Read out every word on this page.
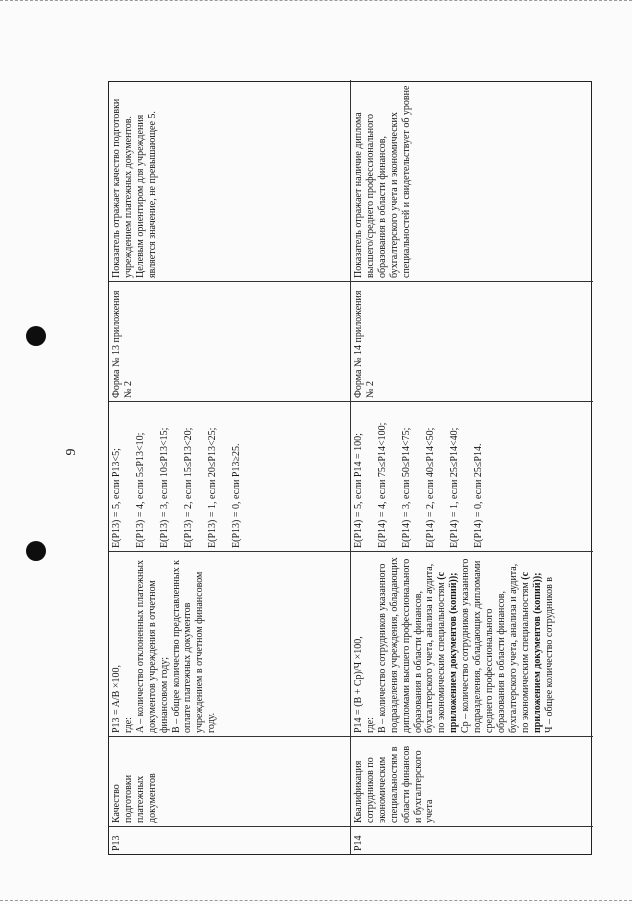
9

P13

Качество подготовки платежных документов

P13 = A/B ×100, где: A – количество отклоненных платежных документов учреждения в отчетном финансовом году; B – общее количество представленных к оплате платежных документов учреждением в отчетном финансовом году.

E(P13) = 5, если P13<5; E(P13) = 4, если 5≤P13<10; E(P13) = 3, если 10≤P13<15; E(P13) = 2, если 15≤P13<20; E(P13) = 1, если 20≤P13<25; E(P13) = 0, если P13≥25.

Форма № 13 приложения № 2

Показатель отражает качество подготовки учреждением платежных документов. Целевым ориентиром для учреждения является значение, не превышающее 5.

P14

Квалификация сотрудников по экономическим специальностям в области финансов и бухгалтерского учета

P14 = (B + Cp)/Ч ×100, где: B – количество сотрудников указанного подразделения учреждения, обладающих дипломами высшего профессионального образования в области финансов, бухгалтерского учета, анализа и аудита, по экономическим специальностям (с приложением документов (копий)); Cp – количество сотрудников указанного подразделения, обладающих дипломами среднего профессионального образования в области финансов, бухгалтерского учета, анализа и аудита, по экономическим специальностям (с приложением документов (копий)); Ч – общее количество сотрудников в

E(P14) = 5, если P14 = 100; E(P14) = 4, если 75≤P14<100; E(P14) = 3, если 50≤P14<75; E(P14) = 2, если 40≤P14<50; E(P14) = 1, если 25≤P14<40; E(P14) = 0, если 25≤P14.

Форма № 14 приложения № 2

Показатель отражает наличие диплома высшего/среднего профессионального образования в области финансов, бухгалтерского учета и экономических специальностей и свидетельствует об уровне
